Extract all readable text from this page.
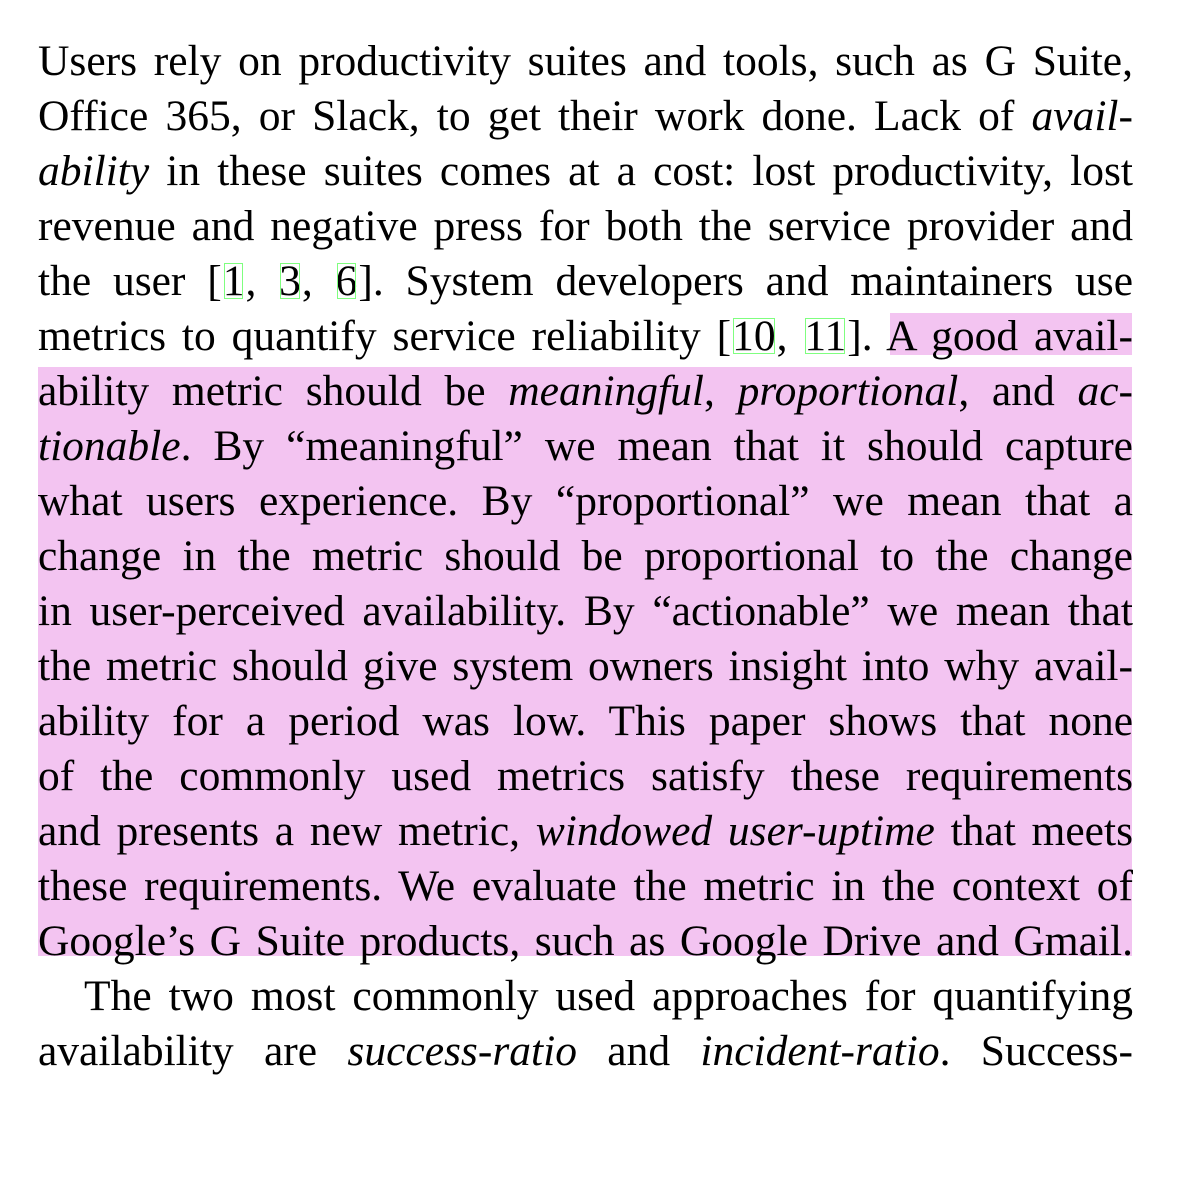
Users rely on productivity suites and tools, such as G Suite,
Office 365, or Slack, to get their work done. Lack of avail-
ability in these suites comes at a cost: lost productivity, lost
revenue and negative press for both the service provider and
the user [1, 3, 6]. System developers and maintainers use
metrics to quantify service reliability [10, 11]. A good avail-
ability metric should be meaningful, proportional, and ac-
tionable. By “meaningful” we mean that it should capture
what users experience. By “proportional” we mean that a
change in the metric should be proportional to the change
in user-perceived availability. By “actionable” we mean that
the metric should give system owners insight into why avail-
ability for a period was low. This paper shows that none
of the commonly used metrics satisfy these requirements
and presents a new metric, windowed user-uptime that meets
these requirements. We evaluate the metric in the context of
Google’s G Suite products, such as Google Drive and Gmail.
The two most commonly used approaches for quantifying
availability are success-ratio and incident-ratio. Success-
